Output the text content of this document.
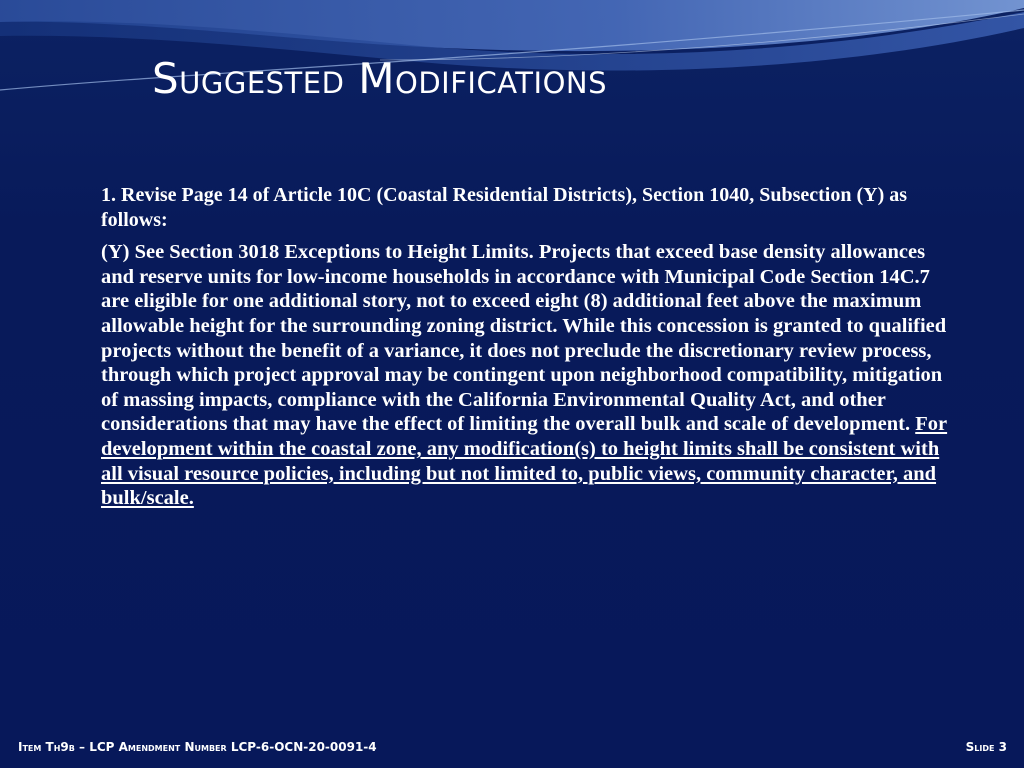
Suggested Modifications

1. Revise Page 14 of Article 10C (Coastal Residential Districts), Section 1040, Subsection (Y) as follows:

(Y) See Section 3018 Exceptions to Height Limits. Projects that exceed base density allowances and reserve units for low-income households in accordance with Municipal Code Section 14C.7 are eligible for one additional story, not to exceed eight (8) additional feet above the maximum allowable height for the surrounding zoning district. While this concession is granted to qualified projects without the benefit of a variance, it does not preclude the discretionary review process, through which project approval may be contingent upon neighborhood compatibility, mitigation of massing impacts, compliance with the California Environmental Quality Act, and other considerations that may have the effect of limiting the overall bulk and scale of development. For development within the coastal zone, any modification(s) to height limits shall be consistent with all visual resource policies, including but not limited to, public views, community character, and bulk/scale.

Item Th9b – LCP Amendment Number LCP-6-OCN-20-0091-4	Slide 3
